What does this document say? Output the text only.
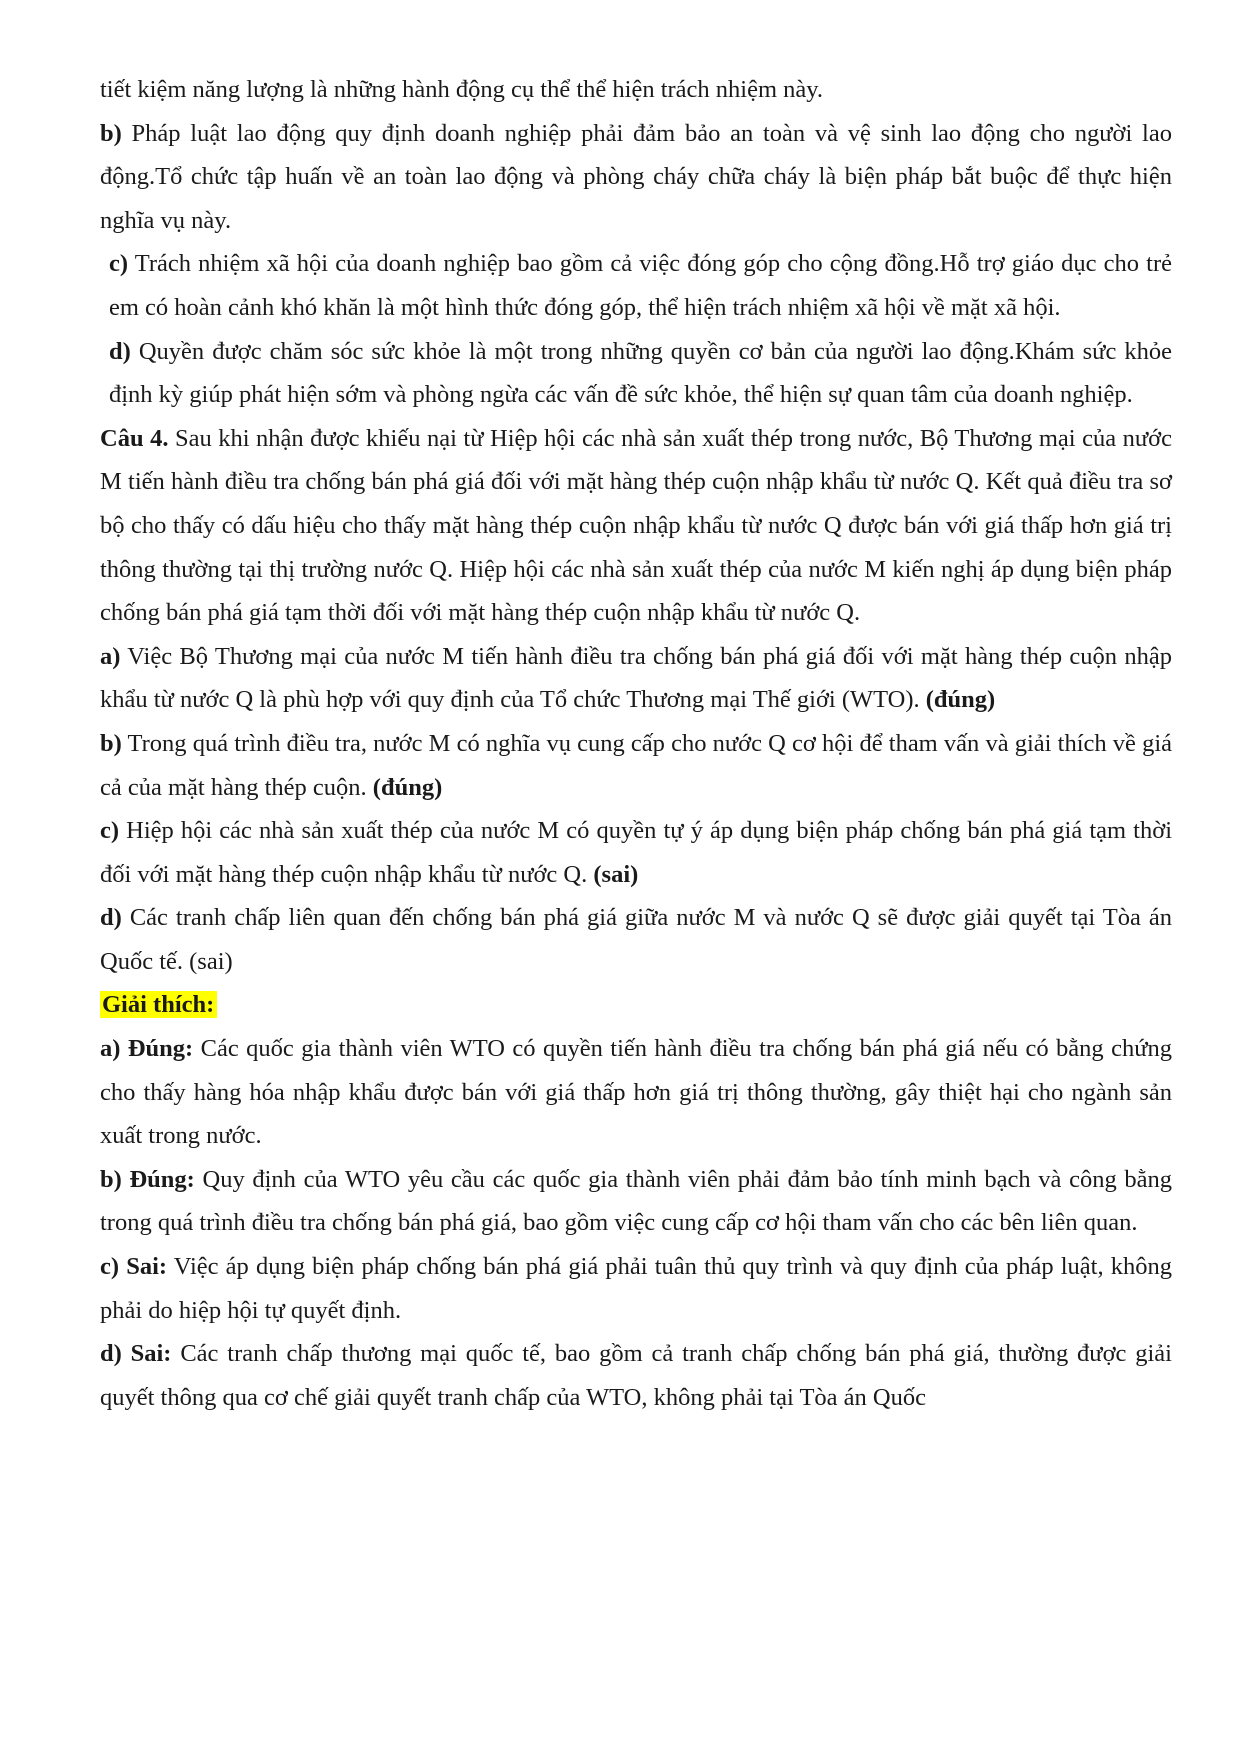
tiết kiệm năng lượng là những hành động cụ thể thể hiện trách nhiệm này.

b) Pháp luật lao động quy định doanh nghiệp phải đảm bảo an toàn và vệ sinh lao động cho người lao động.Tổ chức tập huấn về an toàn lao động và phòng cháy chữa cháy là biện pháp bắt buộc để thực hiện nghĩa vụ này.

c) Trách nhiệm xã hội của doanh nghiệp bao gồm cả việc đóng góp cho cộng đồng.Hỗ trợ giáo dục cho trẻ em có hoàn cảnh khó khăn là một hình thức đóng góp, thể hiện trách nhiệm xã hội về mặt xã hội.

d) Quyền được chăm sóc sức khỏe là một trong những quyền cơ bản của người lao động.Khám sức khỏe định kỳ giúp phát hiện sớm và phòng ngừa các vấn đề sức khỏe, thể hiện sự quan tâm của doanh nghiệp.

Câu 4. Sau khi nhận được khiếu nại từ Hiệp hội các nhà sản xuất thép trong nước, Bộ Thương mại của nước M tiến hành điều tra chống bán phá giá đối với mặt hàng thép cuộn nhập khẩu từ nước Q. Kết quả điều tra sơ bộ cho thấy có dấu hiệu cho thấy mặt hàng thép cuộn nhập khẩu từ nước Q được bán với giá thấp hơn giá trị thông thường tại thị trường nước Q. Hiệp hội các nhà sản xuất thép của nước M kiến nghị áp dụng biện pháp chống bán phá giá tạm thời đối với mặt hàng thép cuộn nhập khẩu từ nước Q.

a) Việc Bộ Thương mại của nước M tiến hành điều tra chống bán phá giá đối với mặt hàng thép cuộn nhập khẩu từ nước Q là phù hợp với quy định của Tổ chức Thương mại Thế giới (WTO). (đúng)

b) Trong quá trình điều tra, nước M có nghĩa vụ cung cấp cho nước Q cơ hội để tham vấn và giải thích về giá cả của mặt hàng thép cuộn. (đúng)

c) Hiệp hội các nhà sản xuất thép của nước M có quyền tự ý áp dụng biện pháp chống bán phá giá tạm thời đối với mặt hàng thép cuộn nhập khẩu từ nước Q. (sai)

d) Các tranh chấp liên quan đến chống bán phá giá giữa nước M và nước Q sẽ được giải quyết tại Tòa án Quốc tế. (sai)

Giải thích:

a) Đúng: Các quốc gia thành viên WTO có quyền tiến hành điều tra chống bán phá giá nếu có bằng chứng cho thấy hàng hóa nhập khẩu được bán với giá thấp hơn giá trị thông thường, gây thiệt hại cho ngành sản xuất trong nước.

b) Đúng: Quy định của WTO yêu cầu các quốc gia thành viên phải đảm bảo tính minh bạch và công bằng trong quá trình điều tra chống bán phá giá, bao gồm việc cung cấp cơ hội tham vấn cho các bên liên quan.

c) Sai: Việc áp dụng biện pháp chống bán phá giá phải tuân thủ quy trình và quy định của pháp luật, không phải do hiệp hội tự quyết định.

d) Sai: Các tranh chấp thương mại quốc tế, bao gồm cả tranh chấp chống bán phá giá, thường được giải quyết thông qua cơ chế giải quyết tranh chấp của WTO, không phải tại Tòa án Quốc
